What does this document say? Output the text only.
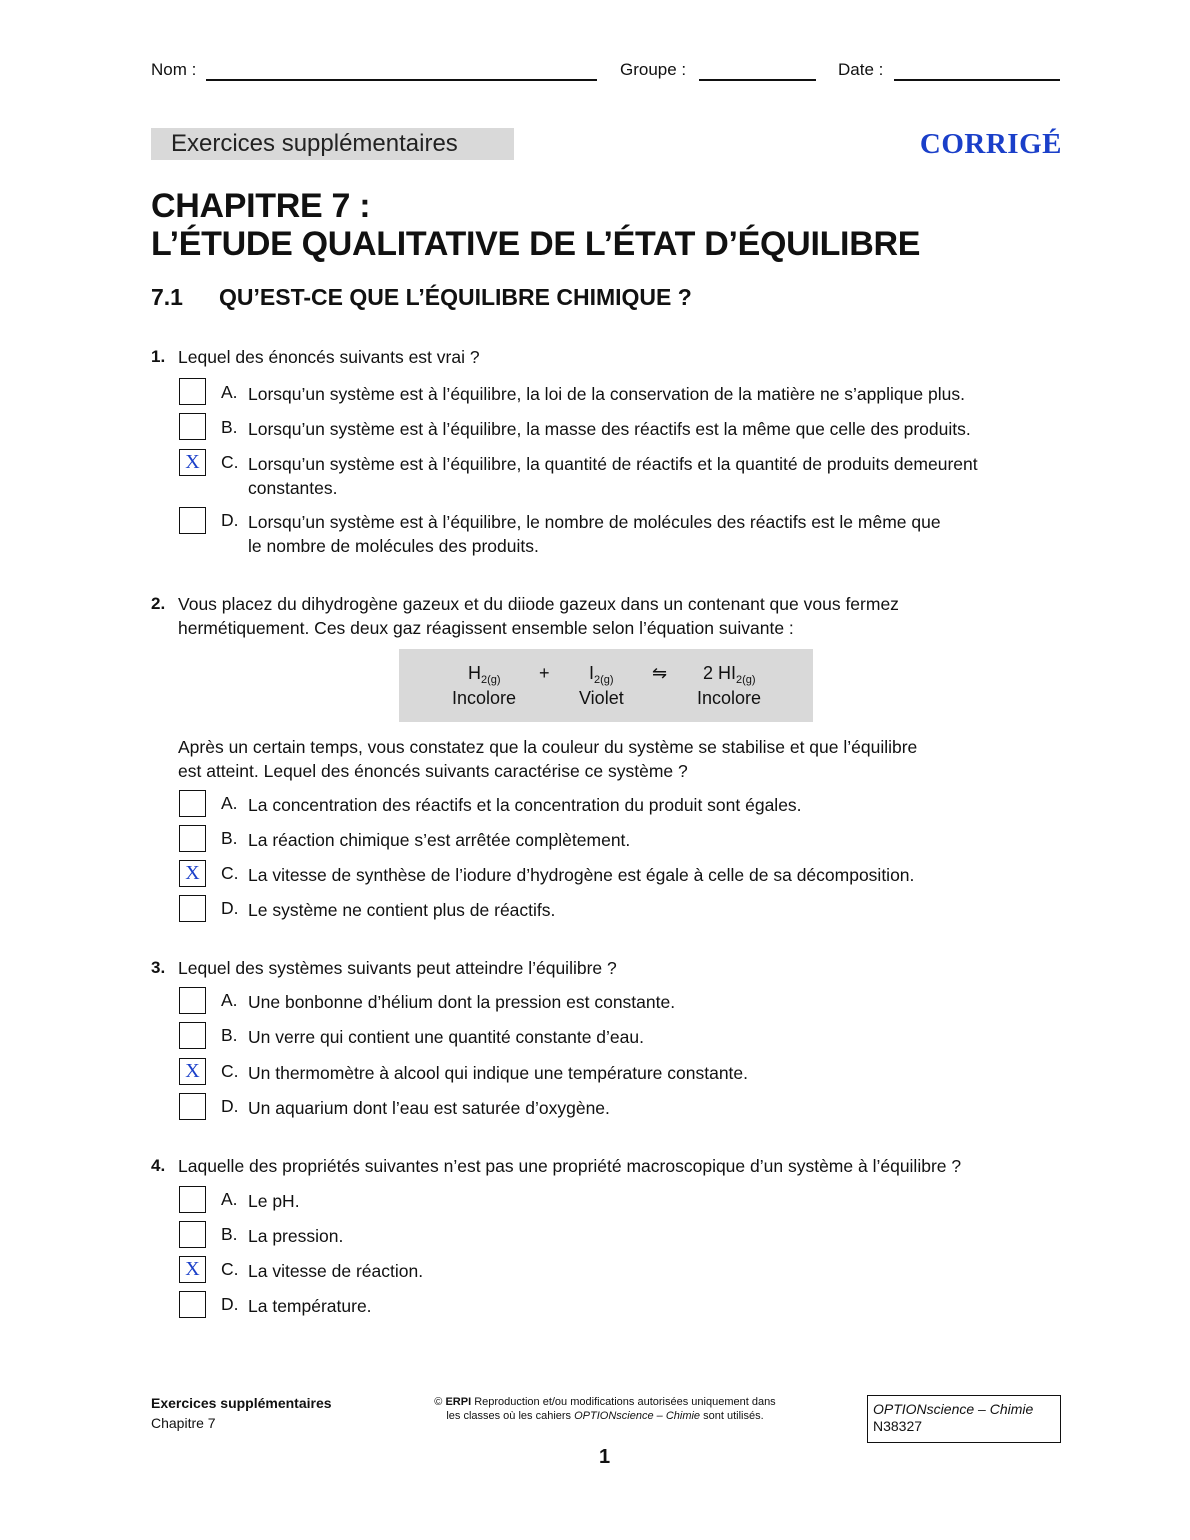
Nom :	Groupe :	Date :
Exercices supplémentaires	CORRIGÉ
CHAPITRE 7 :
L’ÉTUDE QUALITATIVE DE L’ÉTAT D’ÉQUILIBRE
7.1 QU’EST-CE QUE L’ÉQUILIBRE CHIMIQUE ?
1. Lequel des énoncés suivants est vrai ?
A. Lorsqu’un système est à l’équilibre, la loi de la conservation de la matière ne s’applique plus.
B. Lorsqu’un système est à l’équilibre, la masse des réactifs est la même que celle des produits.
X	C. Lorsqu’un système est à l’équilibre, la quantité de réactifs et la quantité de produits demeurent
constantes.
D. Lorsqu’un système est à l’équilibre, le nombre de molécules des réactifs est le même que
le nombre de molécules des produits.
2. Vous placez du dihydrogène gazeux et du diiode gazeux dans un contenant que vous fermez
hermétiquement. Ces deux gaz réagissent ensemble selon l’équation suivante :
$H_{2(g)} + I_{2(g)}$ ⇋ 2 $HI_{2(g)}$
Incolore	Violet	Incolore
Après un certain temps, vous constatez que la couleur du système se stabilise et que l’équilibre
est atteint. Lequel des énoncés suivants caractérise ce système ?
A. La concentration des réactifs et la concentration du produit sont égales.
B. La réaction chimique s’est arrêtée complètement.
X	C. La vitesse de synthèse de l’iodure d’hydrogène est égale à celle de sa décomposition.
D. Le système ne contient plus de réactifs.
3. Lequel des systèmes suivants peut atteindre l’équilibre ?
A. Une bonbonne d’hélium dont la pression est constante.
B. Un verre qui contient une quantité constante d’eau.
X	C. Un thermomètre à alcool qui indique une température constante.
D. Un aquarium dont l’eau est saturée d’oxygène.
4. Laquelle des propriétés suivantes n’est pas une propriété macroscopique d’un système à l’équilibre ?
A. Le pH.
B. La pression.
X	C. La vitesse de réaction.
D. La température.
Exercices supplémentaires
Chapitre 7
© ERPI Reproduction et/ou modifications autorisées uniquement dans
les classes où les cahiers OPTIONscience – Chimie sont utilisés.	OPTIONscience – Chimie
N38327
1
